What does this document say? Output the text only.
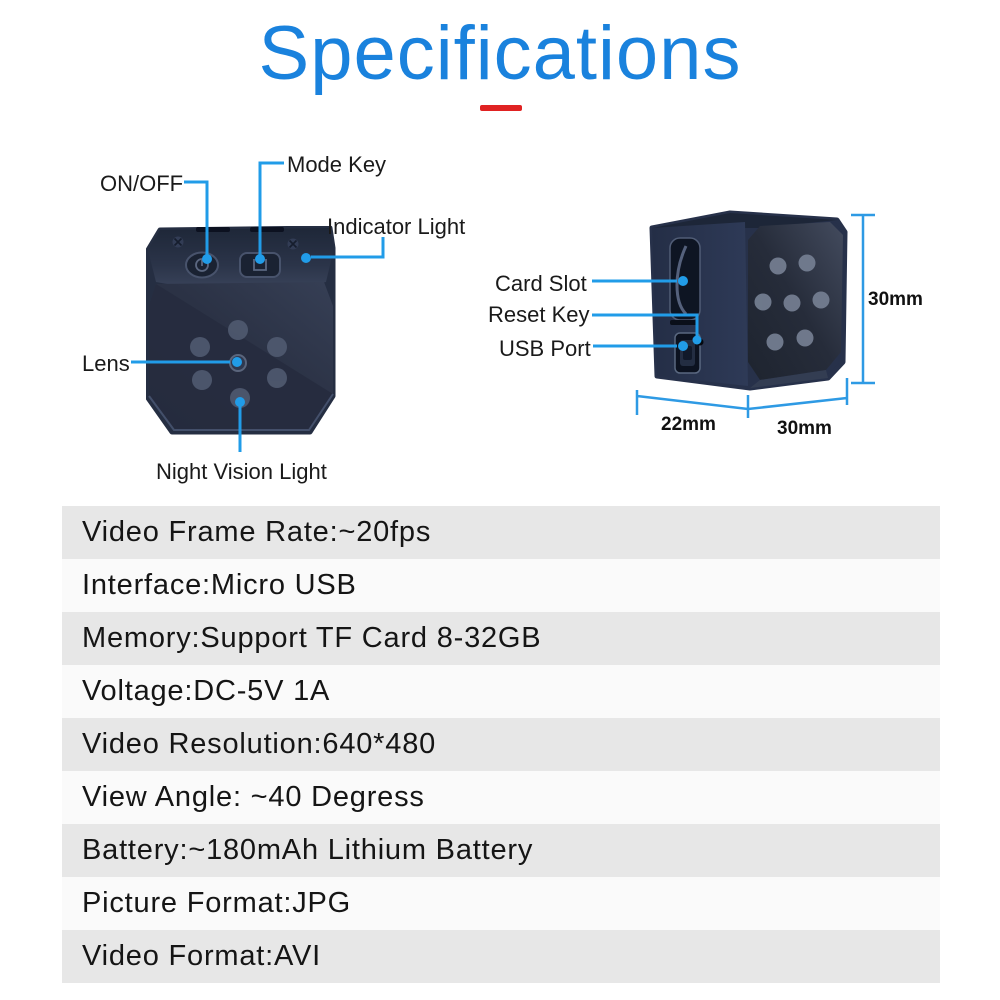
Specifications
Mode Key
ON/OFF
Indicator Light
Lens
Night Vision Light
Card Slot
Reset Key
USB Port
30mm
22mm	30mm
Video Frame Rate:~20fps
Interface:Micro USB
Memory:Support TF Card 8-32GB
Voltage:DC-5V 1A
Video Resolution:640*480
View Angle: ~40 Degress
Battery:~180mAh Lithium Battery
Picture Format:JPG
Video Format:AVI
